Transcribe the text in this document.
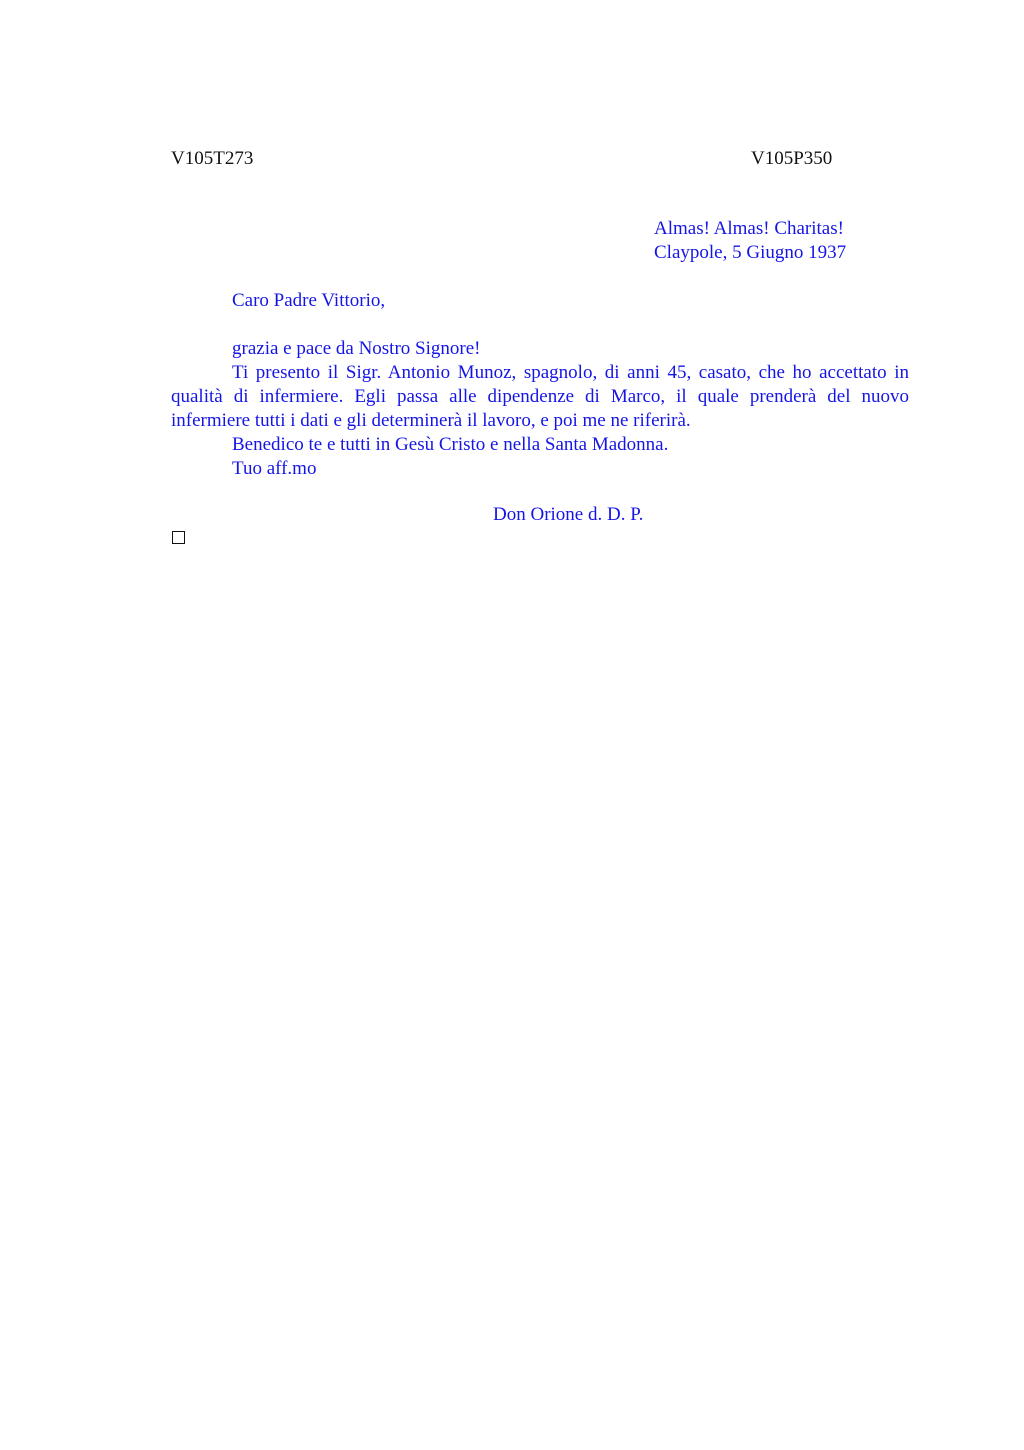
V105T273	V105P350
Almas! Almas! Charitas!
Claypole, 5 Giugno 1937
Caro Padre Vittorio,

grazia e pace da Nostro Signore!

Ti presento il Sigr. Antonio Munoz, spagnolo, di anni 45, casato, che ho accettato in qualità di infermiere. Egli passa alle dipendenze di Marco, il quale prenderà del nuovo infermiere tutti i dati e gli determinerà il lavoro, e poi me ne riferirà.

Benedico te e tutti in Gesù Cristo e nella Santa Madonna.

Tuo aff.mo

Don Orione d. D. P.
